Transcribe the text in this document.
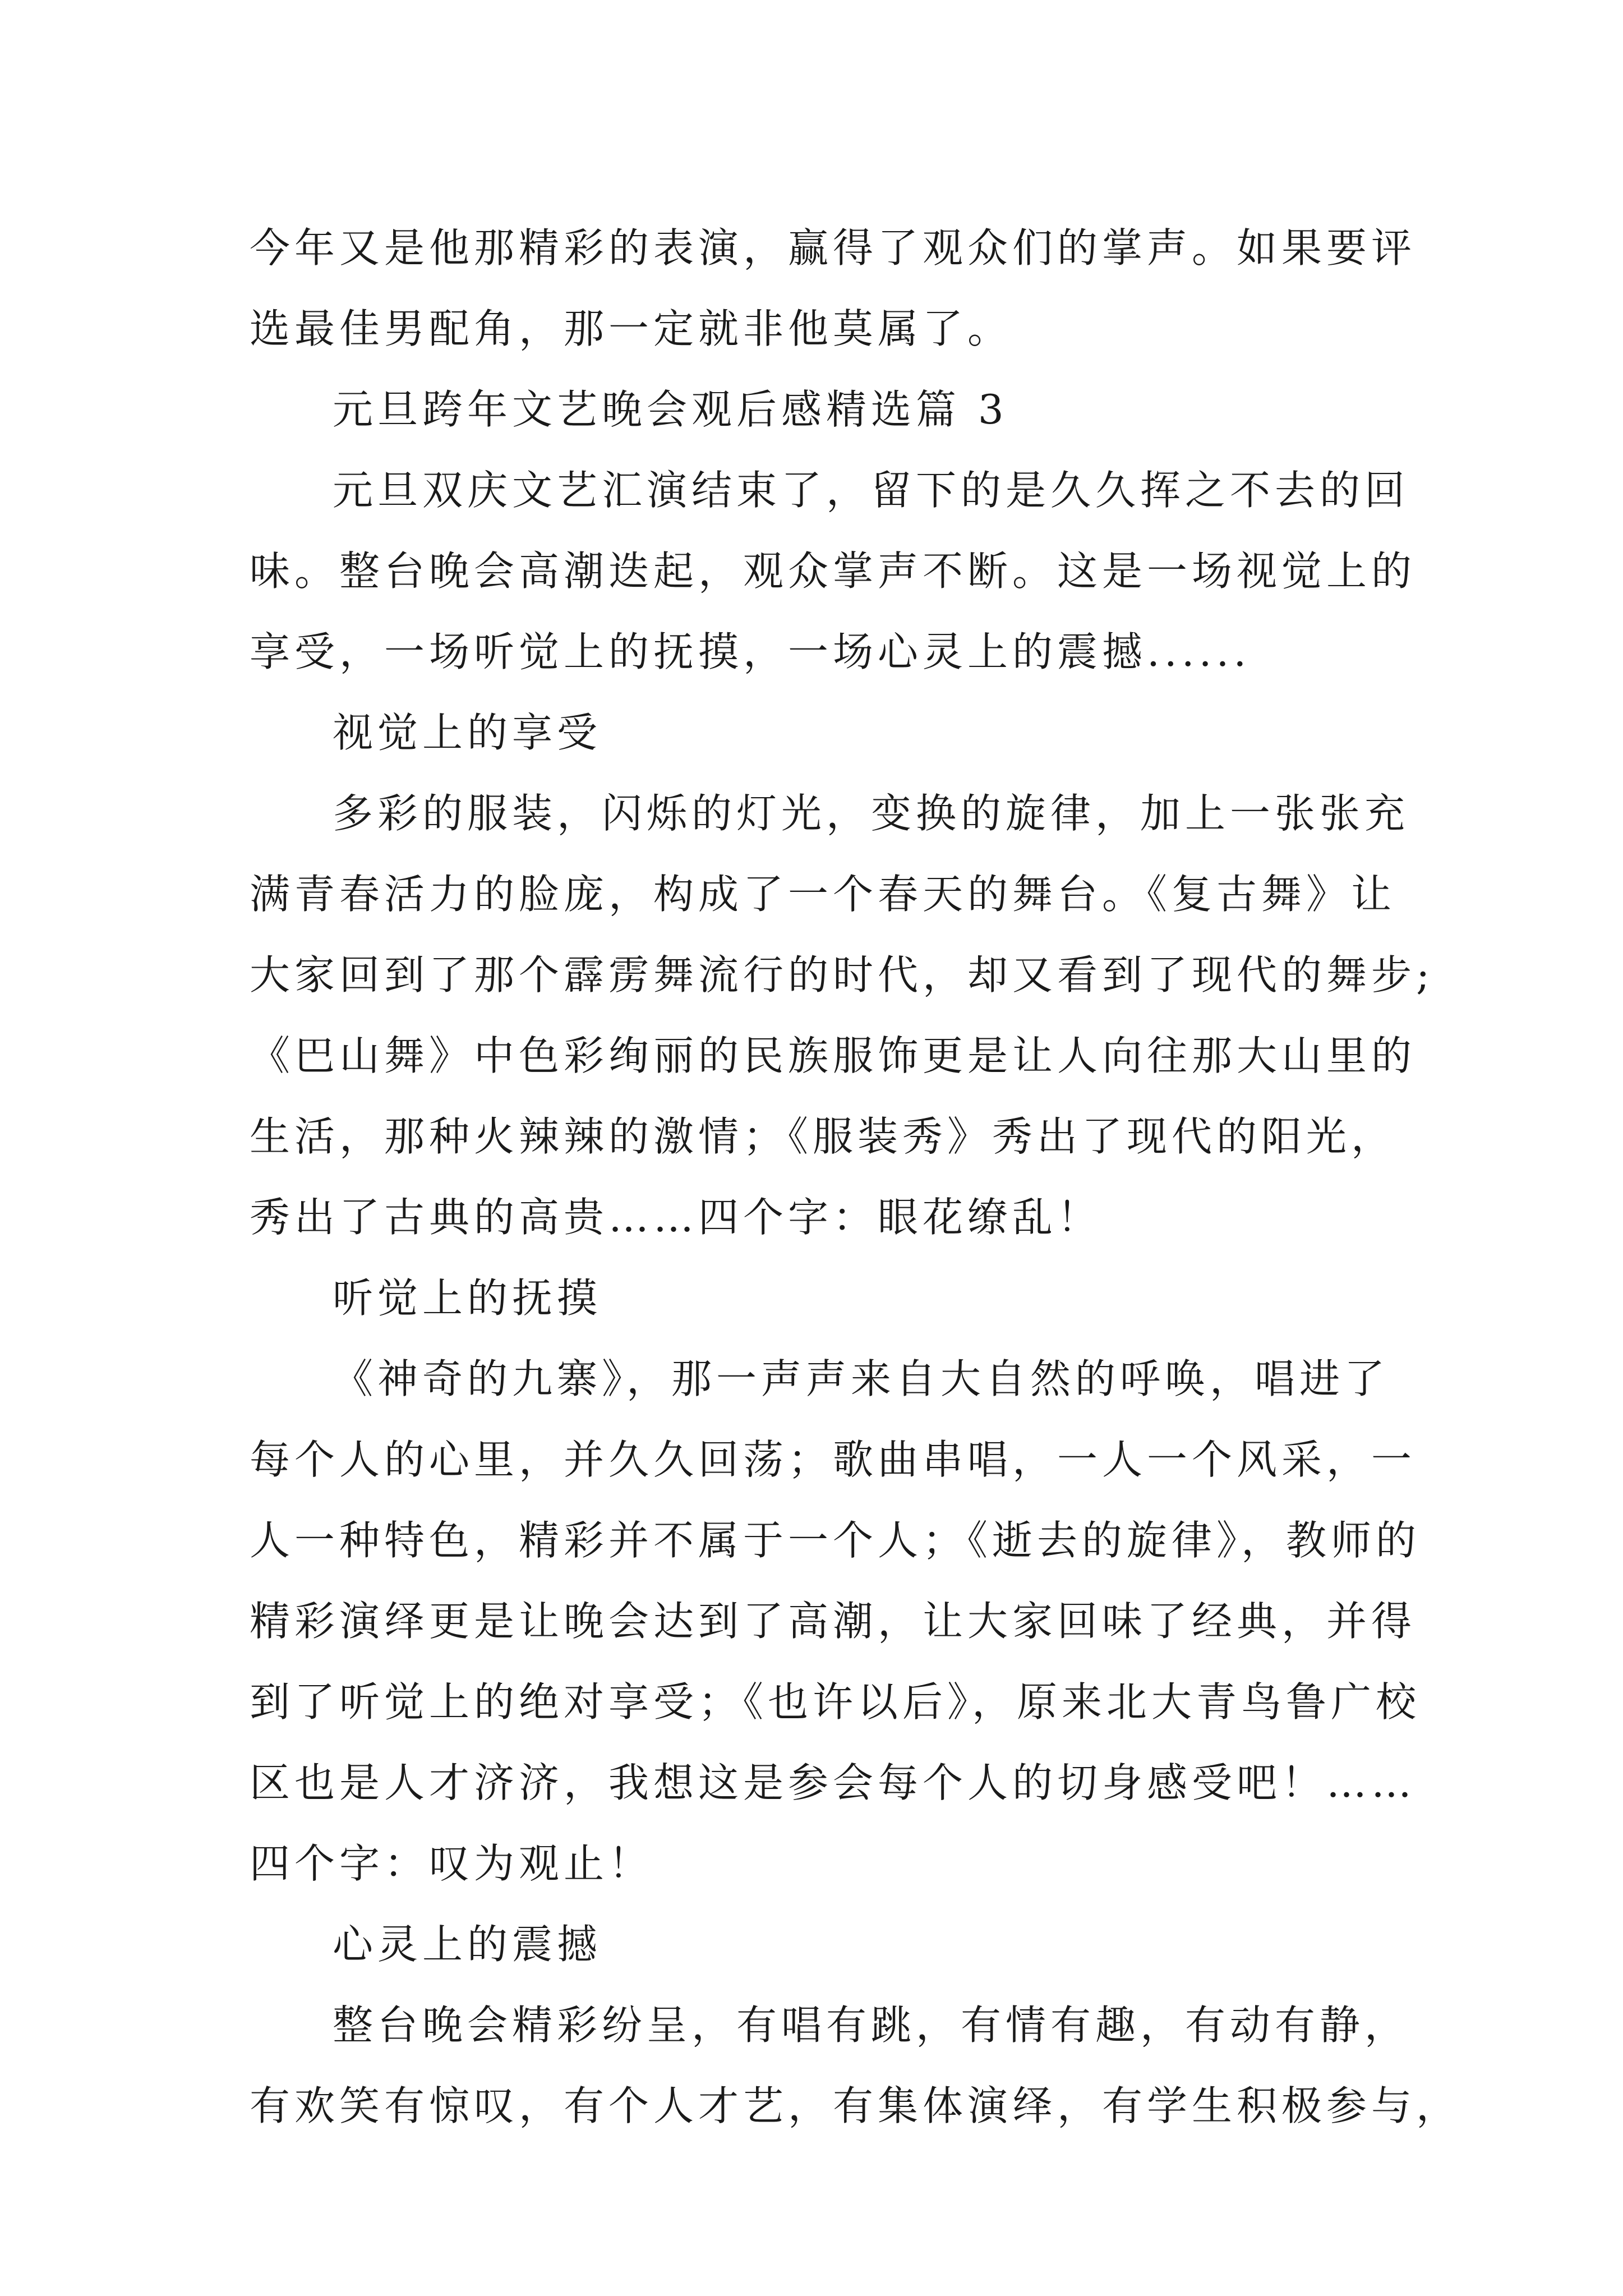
今年又是他那精彩的表演，赢得了观众们的掌声。如果要评
选最佳男配角，那一定就非他莫属了。
元旦跨年文艺晚会观后感精选篇 3
元旦双庆文艺汇演结束了，留下的是久久挥之不去的回
味。整台晚会高潮迭起，观众掌声不断。这是一场视觉上的
享受，一场听觉上的抚摸，一场心灵上的震撼......
视觉上的享受
多彩的服装，闪烁的灯光，变换的旋律，加上一张张充
满青春活力的脸庞，构成了一个春天的舞台。《复古舞》让
大家回到了那个霹雳舞流行的时代，却又看到了现代的舞步;
《巴山舞》中色彩绚丽的民族服饰更是让人向往那大山里的
生活，那种火辣辣的激情；《服装秀》秀出了现代的阳光，
秀出了古典的高贵……四个字：眼花缭乱！
听觉上的抚摸
《神奇的九寨》，那一声声来自大自然的呼唤，唱进了
每个人的心里，并久久回荡；歌曲串唱，一人一个风采，一
人一种特色，精彩并不属于一个人；《逝去的旋律》，教师的
精彩演绎更是让晚会达到了高潮，让大家回味了经典，并得
到了听觉上的绝对享受；《也许以后》，原来北大青鸟鲁广校
区也是人才济济，我想这是参会每个人的切身感受吧！……
四个字：叹为观止！
心灵上的震撼
整台晚会精彩纷呈，有唱有跳，有情有趣，有动有静，
有欢笑有惊叹，有个人才艺，有集体演绎，有学生积极参与，
